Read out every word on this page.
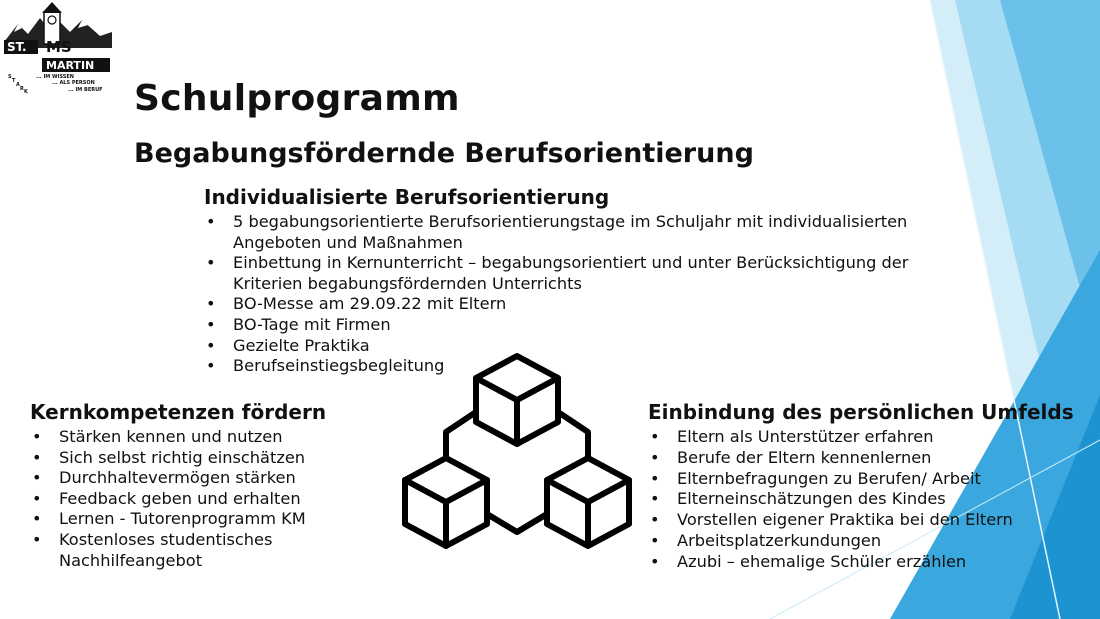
ST. MS
MARTIN
S
T
A
R K
... IM WISSEN
... ALS PERSON
... IM BERUF Schulprogramm
Begabungsfördernde Berufsorientierung
Individualisierte Berufsorientierung
• 5 begabungsorientierte Berufsorientierungstage im Schuljahr mit individualisierten Angeboten und Maßnahmen
• Einbettung in Kernunterricht – begabungsorientiert und unter Berücksichtigung der Kriterien begabungsfördernden Unterrichts
• BO-Messe am 29.09.22 mit Eltern
• BO-Tage mit Firmen
• Gezielte Praktika
• Berufseinstiegsbegleitung
Kernkompetenzen fördern
• Stärken kennen und nutzen
• Sich selbst richtig einschätzen
• Durchhaltevermögen stärken
• Feedback geben und erhalten
• Lernen - Tutorenprogramm KM
• Kostenloses studentisches Nachhilfeangebot
Einbindung des persönlichen Umfelds
• Eltern als Unterstützer erfahren
• Berufe der Eltern kennenlernen
• Elternbefragungen zu Berufen/ Arbeit
• Elterneinschätzungen des Kindes
• Vorstellen eigener Praktika bei den Eltern
• Arbeitsplatzerkundungen
• Azubi – ehemalige Schüler erzählen
